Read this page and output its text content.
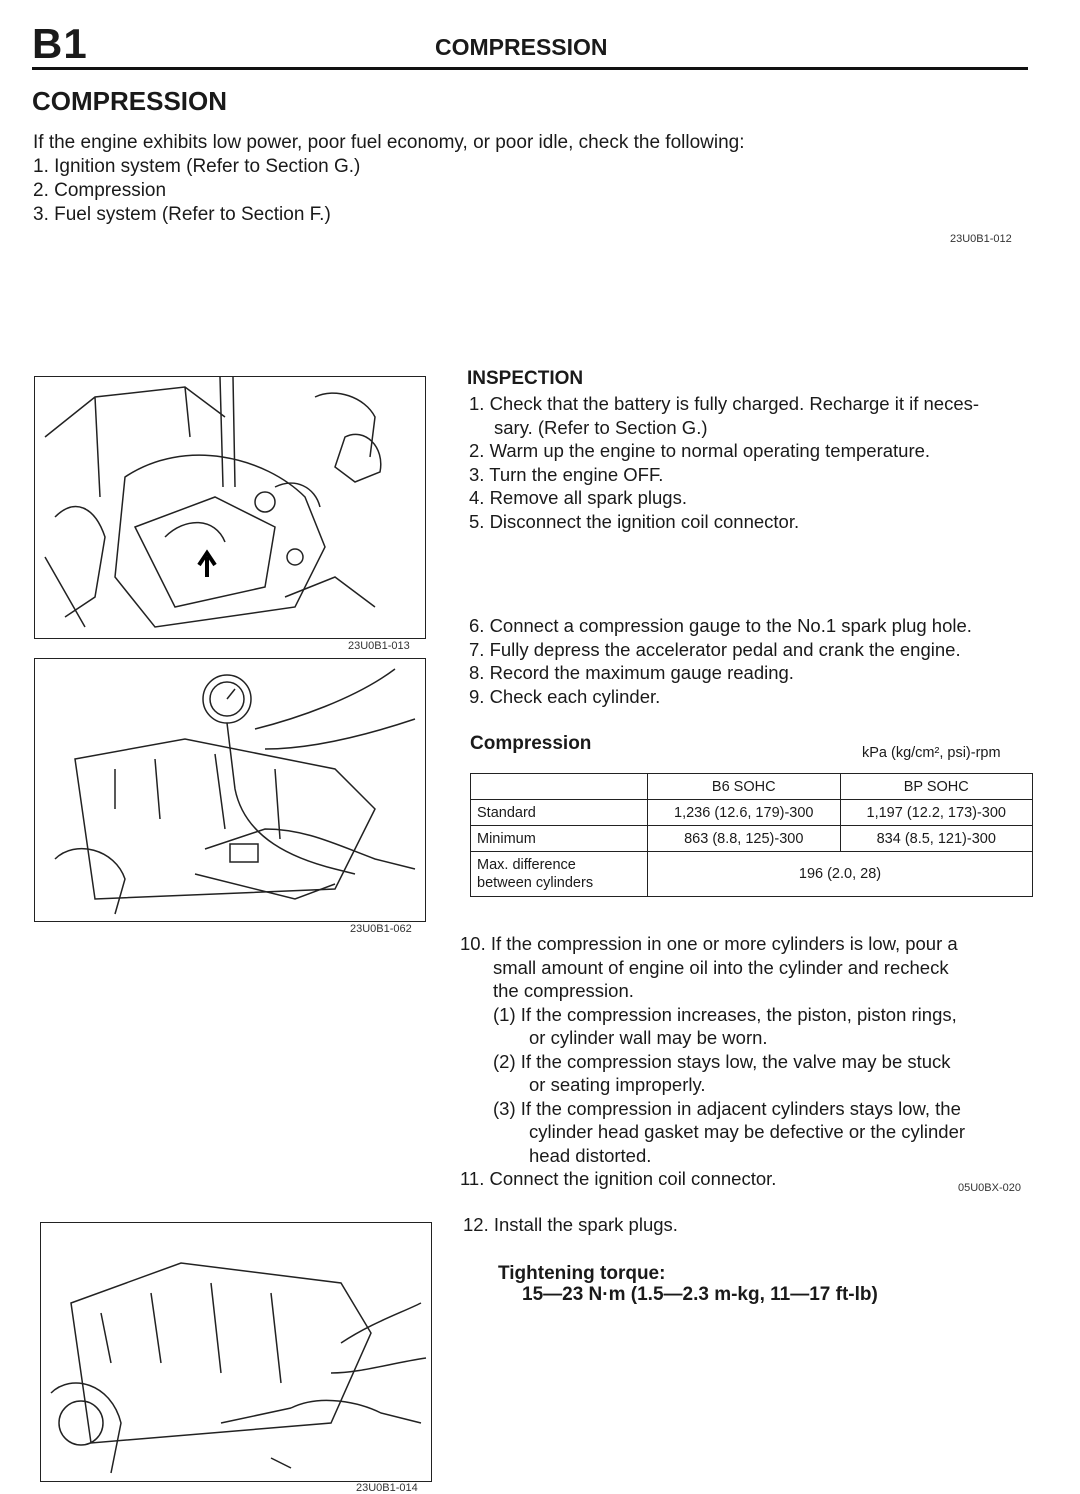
B1	COMPRESSION
COMPRESSION
If the engine exhibits low power, poor fuel economy, or poor idle, check the following:
1. Ignition system (Refer to Section G.)
2. Compression
3. Fuel system (Refer to Section F.)
23U0B1-012
23U0B1-013
23U0B1-062
23U0B1-014
INSPECTION
1. Check that the battery is fully charged. Recharge it if neces-
sary. (Refer to Section G.)
2. Warm up the engine to normal operating temperature.
3. Turn the engine OFF.
4. Remove all spark plugs.
5. Disconnect the ignition coil connector.
6. Connect a compression gauge to the No.1 spark plug hole.
7. Fully depress the accelerator pedal and crank the engine.
8. Record the maximum gauge reading.
9. Check each cylinder.
Compression	kPa (kg/cm², psi)-rpm
	B6 SOHC	BP SOHC
Standard	1,236 (12.6, 179)-300	1,197 (12.2, 173)-300
Minimum	863 (8.8, 125)-300	834 (8.5, 121)-300

Max. difference
between cylinders	196 (2.0, 28)	
10. If the compression in one or more cylinders is low, pour a
small amount of engine oil into the cylinder and recheck
the compression.
(1) If the compression increases, the piston, piston rings,
or cylinder wall may be worn.
(2) If the compression stays low, the valve may be stuck
or seating improperly.
(3) If the compression in adjacent cylinders stays low, the
cylinder head gasket may be defective or the cylinder
head distorted.
11. Connect the ignition coil connector.	05U0BX-020
12. Install the spark plugs.
Tightening torque:
15—23 N·m (1.5—2.3 m-kg, 11—17 ft-lb)
